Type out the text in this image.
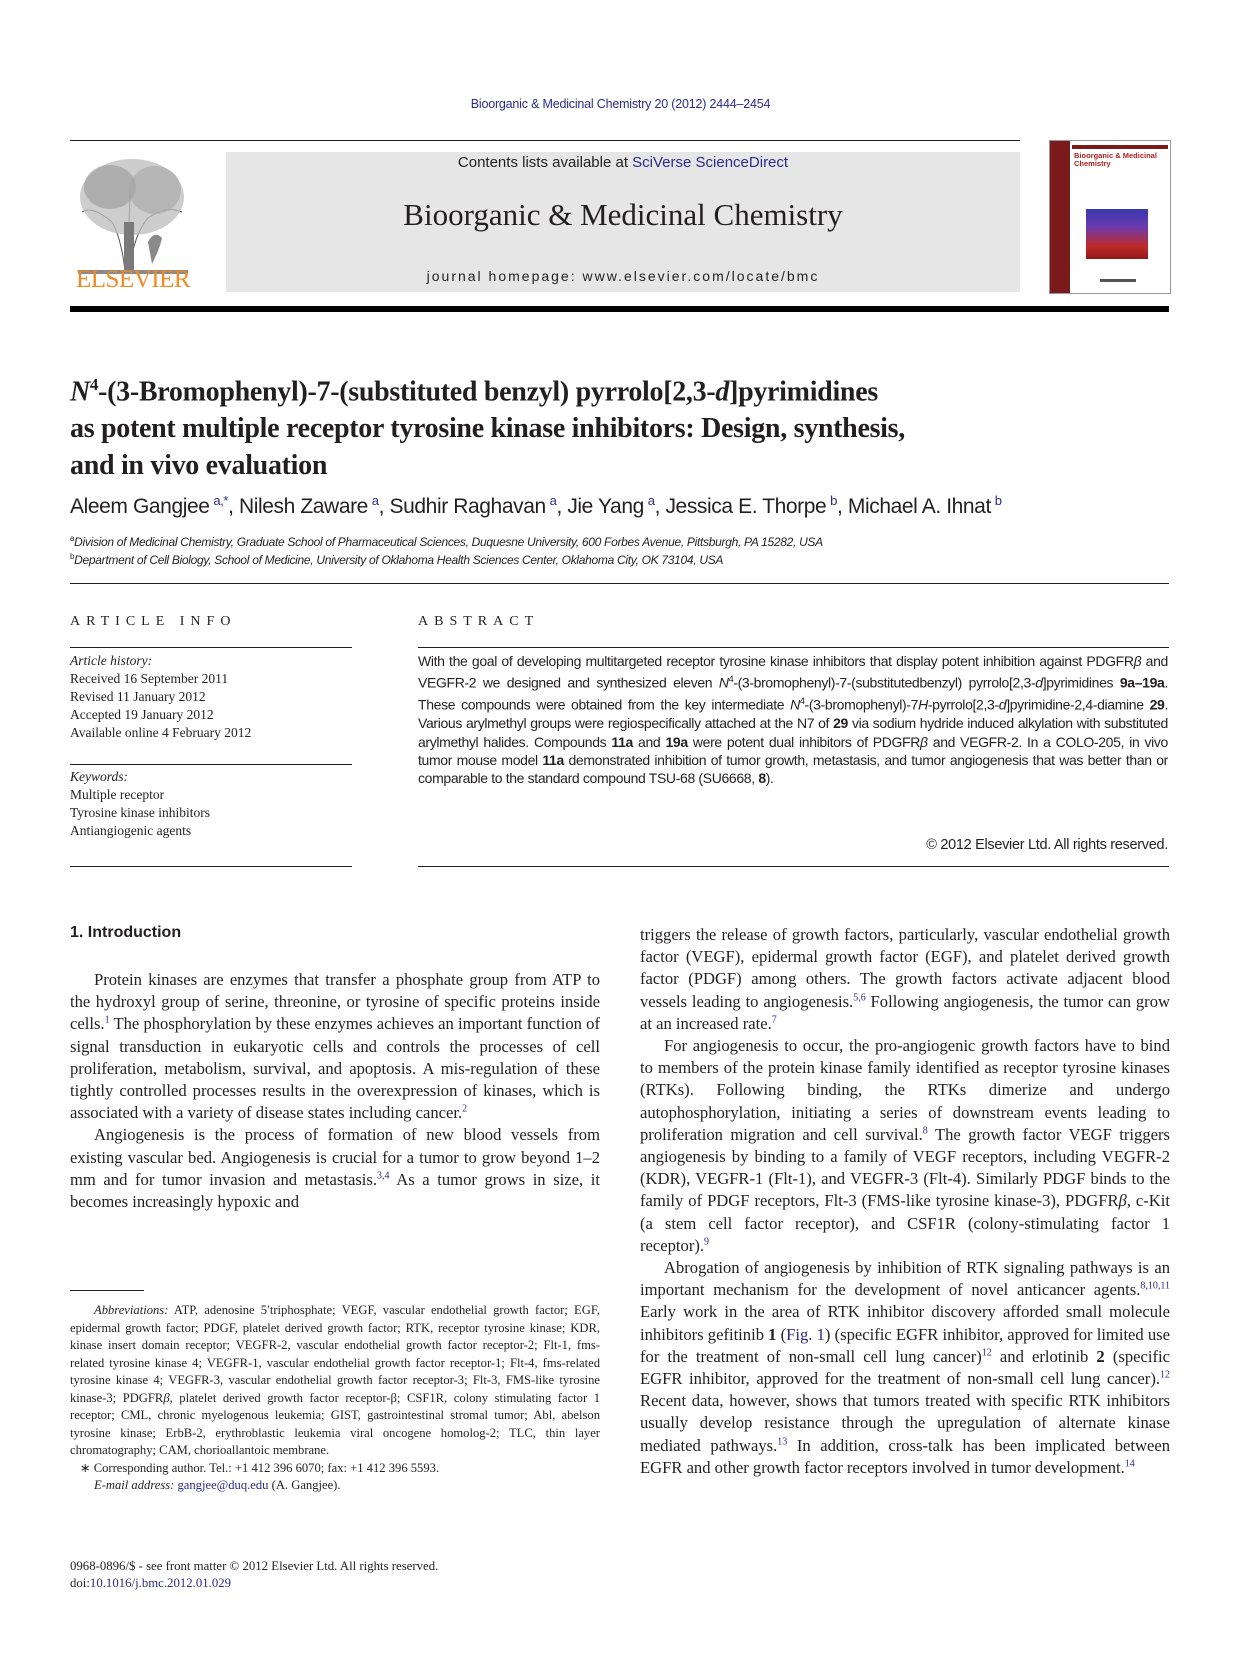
Bioorganic & Medicinal Chemistry 20 (2012) 2444–2454
ELSEVIER
Contents lists available at SciVerse ScienceDirect
Bioorganic & Medicinal Chemistry
journal homepage: www.elsevier.com/locate/bmc
Bioorganic & Medicinal Chemistry
$N^4-(3-Bromophenyl)-7-(substituted$ benzyl) pyrrolo[2,3-d]pyrimidines
as potent multiple receptor tyrosine kinase inhibitors: Design, synthesis,
and in vivo evaluation
Aleem Gangjee  $^{a,*}$, Nilesh Zaware  $^a$, Sudhir Raghavan  $^a$, Jie Yang  $^a$, Jessica E. Thorpe  $^b$, Michael A. Ihnat  $^b$
$^a$Division of Medicinal Chemistry, Graduate School of Pharmaceutical Sciences, Duquesne University, 600 Forbes Avenue, Pittsburgh, PA 15282, USA
$^b$Department of Cell Biology, School of Medicine, University of Oklahoma Health Sciences Center, Oklahoma City, OK 73104, USA
ARTICLE INFO
Article history:
Received 16 September 2011
Revised 11 January 2012
Accepted 19 January 2012
Available online 4 February 2012
Keywords:
Multiple receptor
Tyrosine kinase inhibitors
Antiangiogenic agents
ABSTRACT
With the goal of developing multitargeted receptor tyrosine kinase inhibitors that display potent inhibition against PDGFRβ and VEGFR-2 we designed and synthesized eleven $N^4-(3-bromophenyl)-7-(substitutedbenzyl)$ pyrrolo[2,3-d]pyrimidines 9a–19a. These compounds were obtained from the key intermediate $N^4-(3-bromophenyl)-7H-pyrrolo[2,3-d]pyrimidine-2,4$-diamine 29. Various arylmethyl groups were regiospecifically attached at the N7 of 29 via sodium hydride induced alkylation with substituted arylmethyl halides. Compounds 11a and 19a were potent dual inhibitors of PDGFRβ and VEGFR-2. In a COLO-205, in vivo tumor mouse model 11a demonstrated inhibition of tumor growth, metastasis, and tumor angiogenesis that was better than or comparable to the standard compound TSU-68 (SU6668, 8).
© 2012 Elsevier Ltd. All rights reserved.
1. Introduction

Protein kinases are enzymes that transfer a phosphate group from ATP to the hydroxyl group of serine, threonine, or tyrosine of specific proteins inside cells.$^1$ The phosphorylation by these enzymes achieves an important function of signal transduction in eukaryotic cells and controls the processes of cell proliferation, metabolism, survival, and apoptosis. A mis-regulation of these tightly controlled processes results in the overexpression of kinases, which is associated with a variety of disease states including cancer.$^2$

Angiogenesis is the process of formation of new blood vessels from existing vascular bed. Angiogenesis is crucial for a tumor to grow beyond 1–2 mm and for tumor invasion and metastasis.$^{3,4}$ As a tumor grows in size, it becomes increasingly hypoxic and

Abbreviations: ATP, adenosine 5′triphosphate; VEGF, vascular endothelial growth factor; EGF, epidermal growth factor; PDGF, platelet derived growth factor; RTK, receptor tyrosine kinase; KDR, kinase insert domain receptor; VEGFR-2, vascular endothelial growth factor receptor-2; Flt-1, fms-related tyrosine kinase 4; VEGFR-1, vascular endothelial growth factor receptor-1; Flt-4, fms-related tyrosine kinase 4; VEGFR-3, vascular endothelial growth factor receptor-3; Flt-3, FMS-like tyrosine kinase-3; PDGFRβ, platelet derived growth factor receptor-β; CSF1R, colony stimulating factor 1 receptor; CML, chronic myelogenous leukemia; GIST, gastrointestinal stromal tumor; Abl, abelson tyrosine kinase; ErbB-2, erythroblastic leukemia viral oncogene homolog-2; TLC, thin layer chromatography; CAM, chorioallantoic membrane.

∗ Corresponding author. Tel.: +1 412 396 6070; fax: +1 412 396 5593.

E-mail address: gangjee@duq.edu (A. Gangjee).

0968-0896/$ - see front matter © 2012 Elsevier Ltd. All rights reserved.
doi:10.1016/j.bmc.2012.01.029

triggers the release of growth factors, particularly, vascular endothelial growth factor (VEGF), epidermal growth factor (EGF), and platelet derived growth factor (PDGF) among others. The growth factors activate adjacent blood vessels leading to angiogenesis.$^{5,6}$ Following angiogenesis, the tumor can grow at an increased rate.$^7$

For angiogenesis to occur, the pro-angiogenic growth factors have to bind to members of the protein kinase family identified as receptor tyrosine kinases (RTKs). Following binding, the RTKs dimerize and undergo autophosphorylation, initiating a series of downstream events leading to proliferation migration and cell survival.$^8$ The growth factor VEGF triggers angiogenesis by binding to a family of VEGF receptors, including VEGFR-2 (KDR), VEGFR-1 (Flt-1), and VEGFR-3 (Flt-4). Similarly PDGF binds to the family of PDGF receptors, Flt-3 (FMS-like tyrosine kinase-3), PDGFRβ, c-Kit (a stem cell factor receptor), and CSF1R (colony-stimulating factor 1 receptor).$^9$

Abrogation of angiogenesis by inhibition of RTK signaling pathways is an important mechanism for the development of novel anticancer agents.$^{8,10,11}$ Early work in the area of RTK inhibitor discovery afforded small molecule inhibitors gefitinib 1 (Fig. 1) (specific EGFR inhibitor, approved for limited use for the treatment of non-small cell lung cancer)$^{12}$ and erlotinib 2 (specific EGFR inhibitor, approved for the treatment of non-small cell lung cancer).$^{12}$ Recent data, however, shows that tumors treated with specific RTK inhibitors usually develop resistance through the upregulation of alternate kinase mediated pathways.$^{13}$ In addition, cross-talk has been implicated between EGFR and other growth factor receptors involved in tumor development.$^{14}$
